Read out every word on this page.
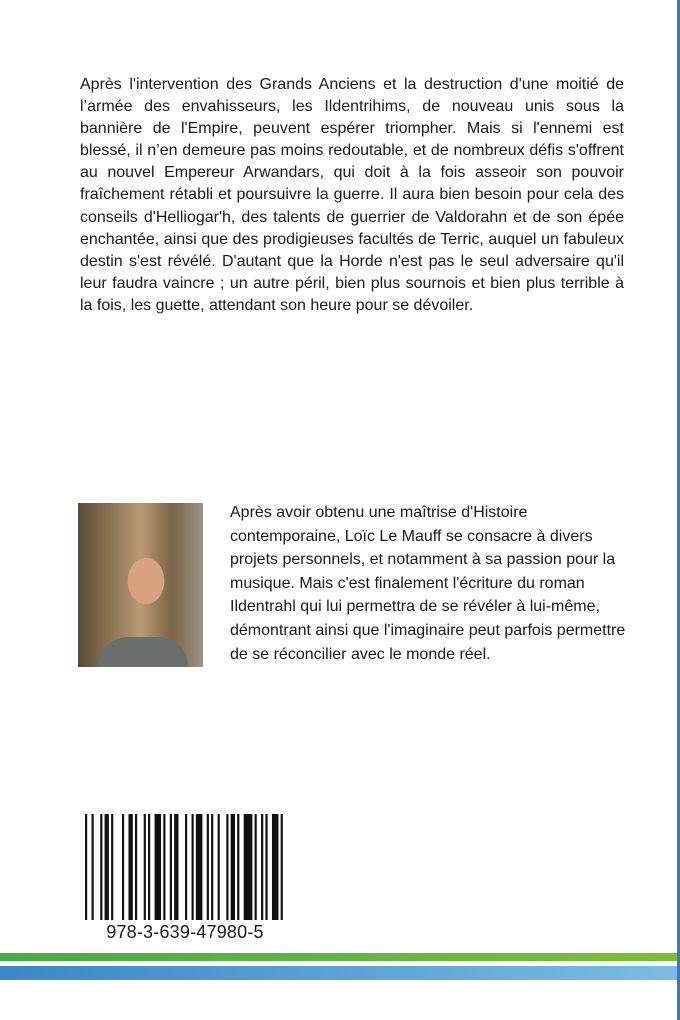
Après l'intervention des Grands Anciens et la destruction d'une moitié de l’armée des envahisseurs, les Ildentrihims, de nouveau unis sous la bannière de l'Empire, peuvent espérer triompher. Mais si l'ennemi est blessé, il n’en demeure pas moins redoutable, et de nombreux défis s'offrent au nouvel Empereur Arwandars, qui doit à la fois asseoir son pouvoir fraîchement rétabli et poursuivre la guerre. Il aura bien besoin pour cela des conseils d'Helliogar'h, des talents de guerrier de Valdorahn et de son épée enchantée, ainsi que des prodigieuses facultés de Terric, auquel un fabuleux destin s'est révélé. D'autant que la Horde n'est pas le seul adversaire qu'il leur faudra vaincre ; un autre péril, bien plus sournois et bien plus terrible à la fois, les guette, attendant son heure pour se dévoiler.

Après avoir obtenu une maîtrise d'Histoire contemporaine, Loïc Le Mauff se consacre à divers projets personnels, et notamment à sa passion pour la musique. Mais c'est finalement l'écriture du roman Ildentrahl qui lui permettra de se révéler à lui-même, démontrant ainsi que l'imaginaire peut parfois permettre de se réconcilier avec le monde réel.

978-3-639-47980-5
